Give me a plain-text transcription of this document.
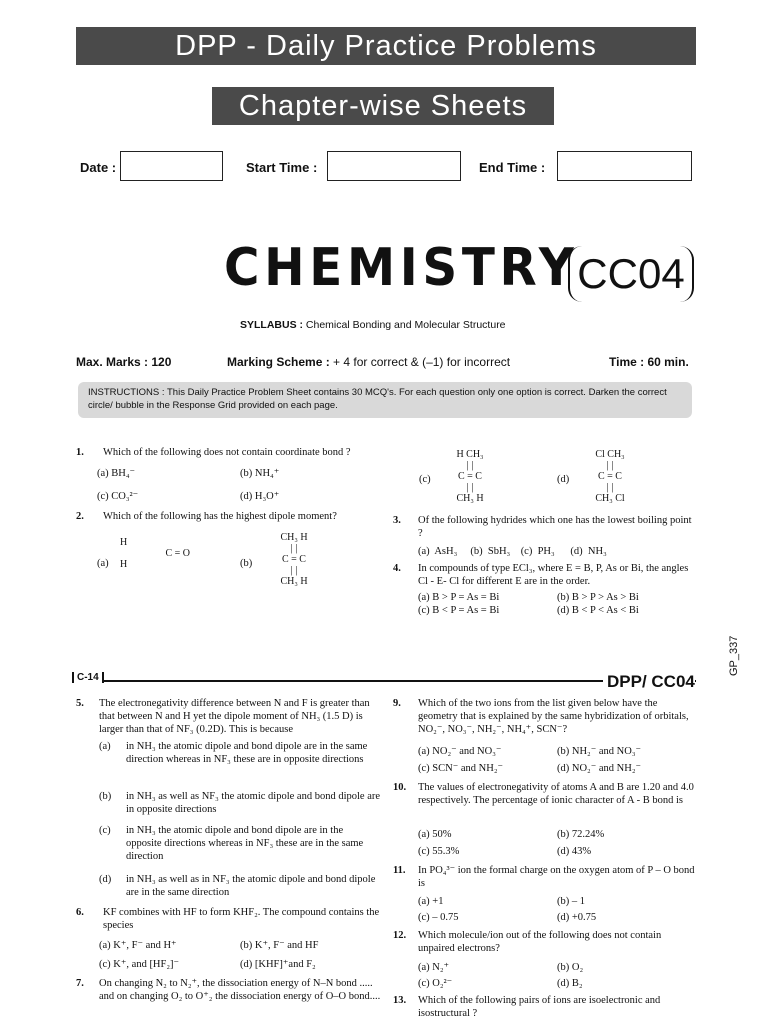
DPP - Daily Practice Problems
Chapter-wise Sheets
Date :	Start Time :	End Time :
CHEMISTRY
CC04
SYLLABUS : Chemical Bonding and Molecular Structure
Max. Marks : 120	Marking Scheme : + 4 for correct & (–1) for incorrect	Time : 60 min.
INSTRUCTIONS : This Daily Practice Problem Sheet contains 30 MCQ's. For each question only one option is correct. Darken the correct circle/ bubble in the Response Grid provided on each page.
1. Which of the following does not contain coordinate bond ?
(a) BH₄⁻	(b) NH₄⁺
(c) CO₃²⁻	(d) H₃O⁺
2. Which of the following has the highest dipole moment?
(a)
H
C = O
H	(b)
CH₃ H
| |
C = C
| |
CH₃ H
(c)
H CH₃
| |
C = C
| |
CH₃ H
(d)
Cl CH₃
| |
C = C
| |
CH₃ Cl
3. Of the following hydrides which one has the lowest boiling point ?
(a)  AsH₃     (b)  SbH₃    (c)  PH₃      (d)  NH₃
4. In compounds of type ECl₃, where E = B, P, As or Bi, the angles Cl - E- Cl for different E are in the order.
(a) B > P = As = Bi	(b) B > P > As > Bi
(c) B < P = As = Bi	(d) B < P < As < Bi
GP_337
C-14	DPP/ CC04
5. The electronegativity difference between N and F is greater than that between N and H yet the dipole moment of NH₃ (1.5 D) is larger than that of NF₃ (0.2D). This is because
(a) in NH₃ the atomic dipole and bond dipole are in the same direction whereas in NF₃ these are in opposite directions
(b) in NH₃ as well as NF₃ the atomic dipole and bond dipole are in opposite directions
(c) in NH₃ the atomic dipole and bond dipole are in the opposite directions whereas in NF₃ these are in the same direction
(d) in NH₃ as well as in NF₃ the atomic dipole and bond dipole are in the same direction
6. KF combines with HF to form KHF₂. The compound contains the species
(a) K⁺, F⁻ and H⁺	(b) K⁺, F⁻ and HF
(c) K⁺, and [HF₂]⁻	(d) [KHF]⁺and F₂
7. On changing N₂ to N₂⁺, the dissociation energy of N–N bond ..... and on changing O₂ to O⁺₂ the dissociation energy of O–O bond....
9. Which of the two ions from the list given below have the geometry that is explained by the same hybridization of orbitals, NO₂⁻, NO₃⁻, NH₂⁻, NH₄⁺, SCN⁻?
(a) NO₂⁻ and NO₃⁻	(b) NH₂⁻ and NO₃⁻
(c) SCN⁻ and NH₂⁻	(d) NO₂⁻ and NH₂⁻
10. The values of electronegativity of atoms A and B are 1.20 and 4.0 respectively. The percentage of ionic character of A - B bond is
(a) 50%	(b) 72.24%
(c) 55.3%	(d) 43%
11. In PO₄³⁻ ion the formal charge on the oxygen atom of P – O bond is
(a) +1	(b) – 1
(c) – 0.75	(d) +0.75
12. Which molecule/ion out of the following does not contain unpaired electrons?
(a) N₂⁺	(b) O₂
(c) O₂²⁻	(d) B₂
13. Which of the following pairs of ions are isoelectronic and isostructural ?
